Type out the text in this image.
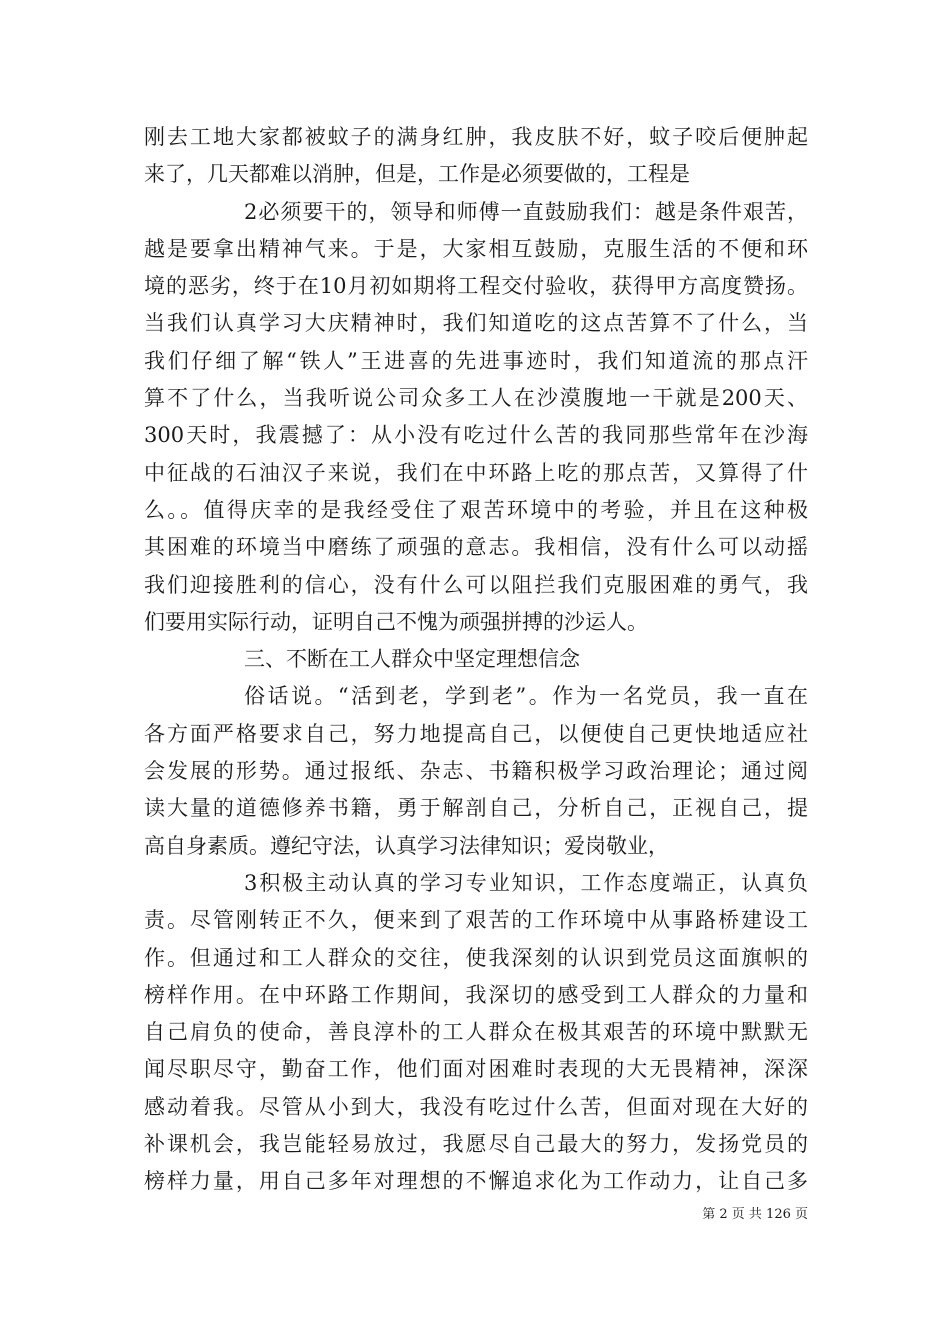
刚去工地大家都被蚊子的满身红肿，我皮肤不好，蚊子咬后便肿起
来了，几天都难以消肿，但是，工作是必须要做的，工程是
2必须要干的，领导和师傅一直鼓励我们：越是条件艰苦，
越是要拿出精神气来。于是，大家相互鼓励，克服生活的不便和环
境的恶劣，终于在10月初如期将工程交付验收，获得甲方高度赞扬。
当我们认真学习大庆精神时，我们知道吃的这点苦算不了什么，当
我们仔细了解“铁人”王进喜的先进事迹时，我们知道流的那点汗
算不了什么，当我听说公司众多工人在沙漠腹地一干就是200天、
300天时，我震撼了：从小没有吃过什么苦的我同那些常年在沙海
中征战的石油汉子来说，我们在中环路上吃的那点苦，又算得了什
么。。值得庆幸的是我经受住了艰苦环境中的考验，并且在这种极
其困难的环境当中磨练了顽强的意志。我相信，没有什么可以动摇
我们迎接胜利的信心，没有什么可以阻拦我们克服困难的勇气，我
们要用实际行动，证明自己不愧为顽强拼搏的沙运人。
三、不断在工人群众中坚定理想信念
俗话说。“活到老，学到老”。作为一名党员，我一直在
各方面严格要求自己，努力地提高自己，以便使自己更快地适应社
会发展的形势。通过报纸、杂志、书籍积极学习政治理论；通过阅
读大量的道德修养书籍，勇于解剖自己，分析自己，正视自己，提
高自身素质。遵纪守法，认真学习法律知识；爱岗敬业，
3积极主动认真的学习专业知识，工作态度端正，认真负
责。尽管刚转正不久，便来到了艰苦的工作环境中从事路桥建设工
作。但通过和工人群众的交往，使我深刻的认识到党员这面旗帜的
榜样作用。在中环路工作期间，我深切的感受到工人群众的力量和
自己肩负的使命，善良淳朴的工人群众在极其艰苦的环境中默默无
闻尽职尽守，勤奋工作，他们面对困难时表现的大无畏精神，深深
感动着我。尽管从小到大，我没有吃过什么苦，但面对现在大好的
补课机会，我岂能轻易放过，我愿尽自己最大的努力，发扬党员的
榜样力量，用自己多年对理想的不懈追求化为工作动力，让自己多
第 2 页 共 126 页
